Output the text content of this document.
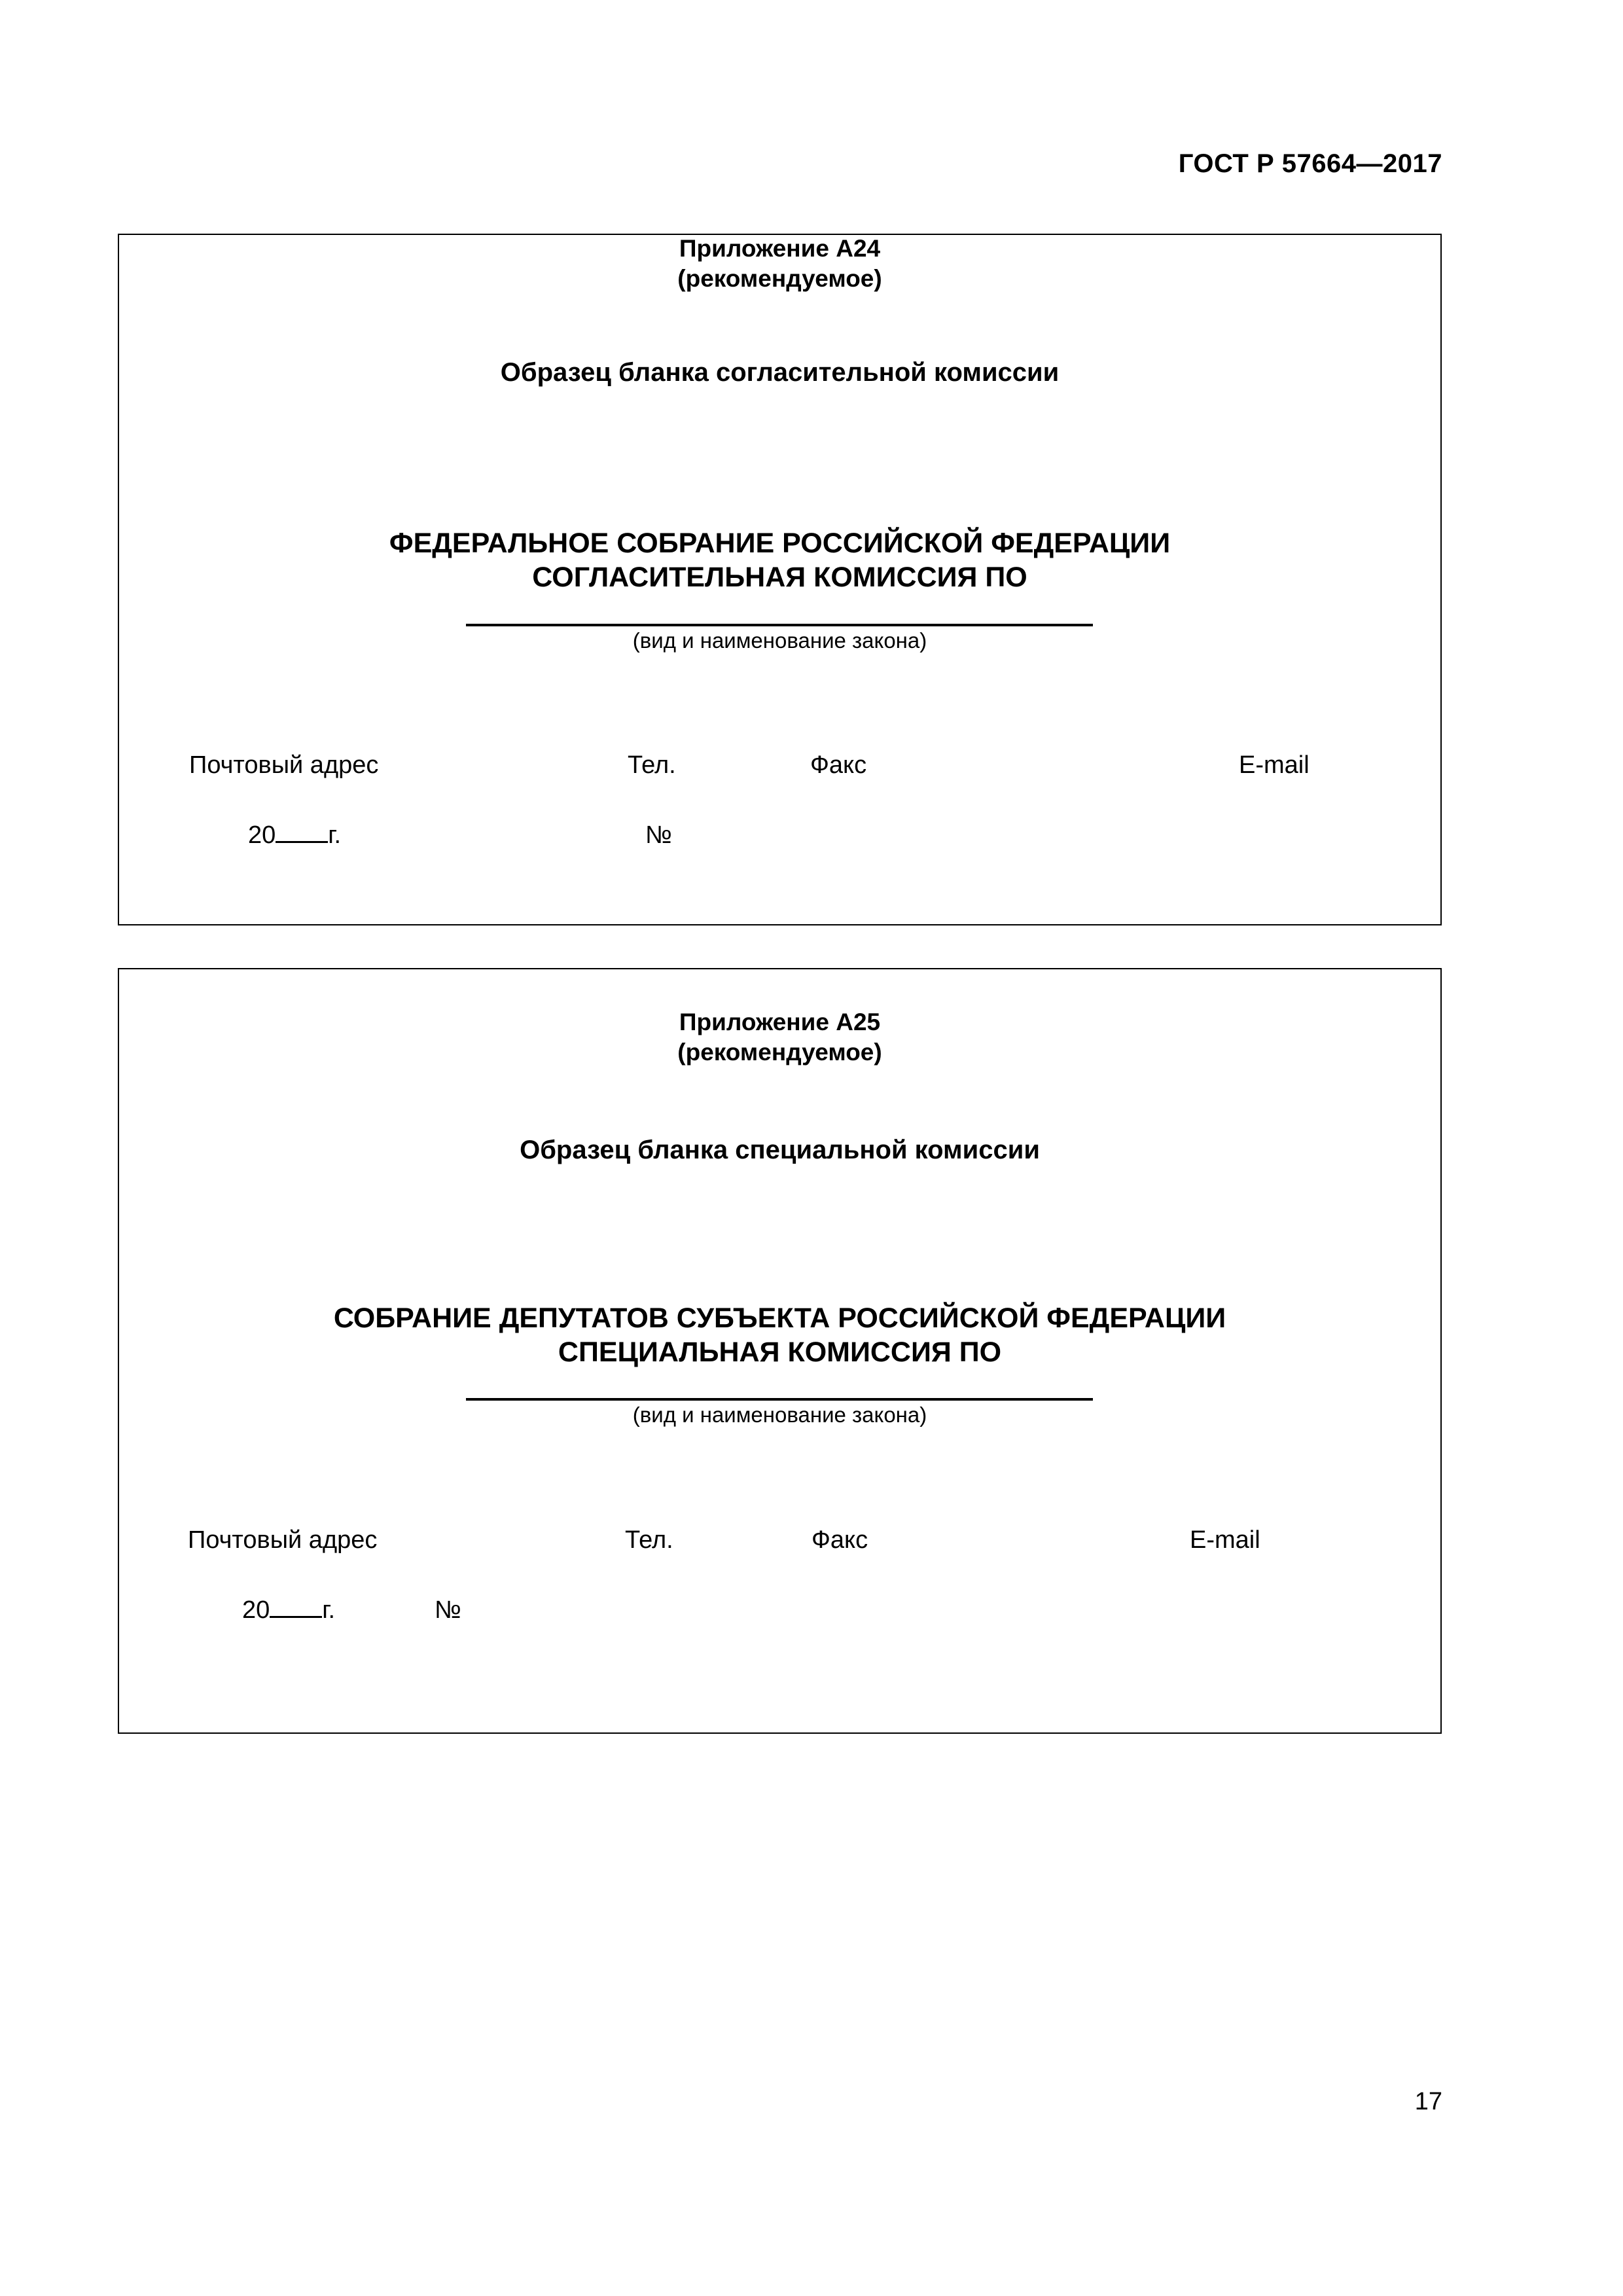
ГОСТ Р 57664—2017
Приложение А24
(рекомендуемое)
Образец бланка согласительной комиссии
ФЕДЕРАЛЬНОЕ СОБРАНИЕ РОССИЙСКОЙ ФЕДЕРАЦИИ
СОГЛАСИТЕЛЬНАЯ КОМИССИЯ ПО
(вид и наименование закона)
Почтовый адрес	Тел.	Факс	E-mail
20 г.	№
Приложение А25
(рекомендуемое)
Образец бланка специальной комиссии
СОБРАНИЕ ДЕПУТАТОВ СУБЪЕКТА РОССИЙСКОЙ ФЕДЕРАЦИИ
СПЕЦИАЛЬНАЯ КОМИССИЯ ПО
(вид и наименование закона)
Почтовый адрес	Тел.	Факс	E-mail
20 г.	№
17
